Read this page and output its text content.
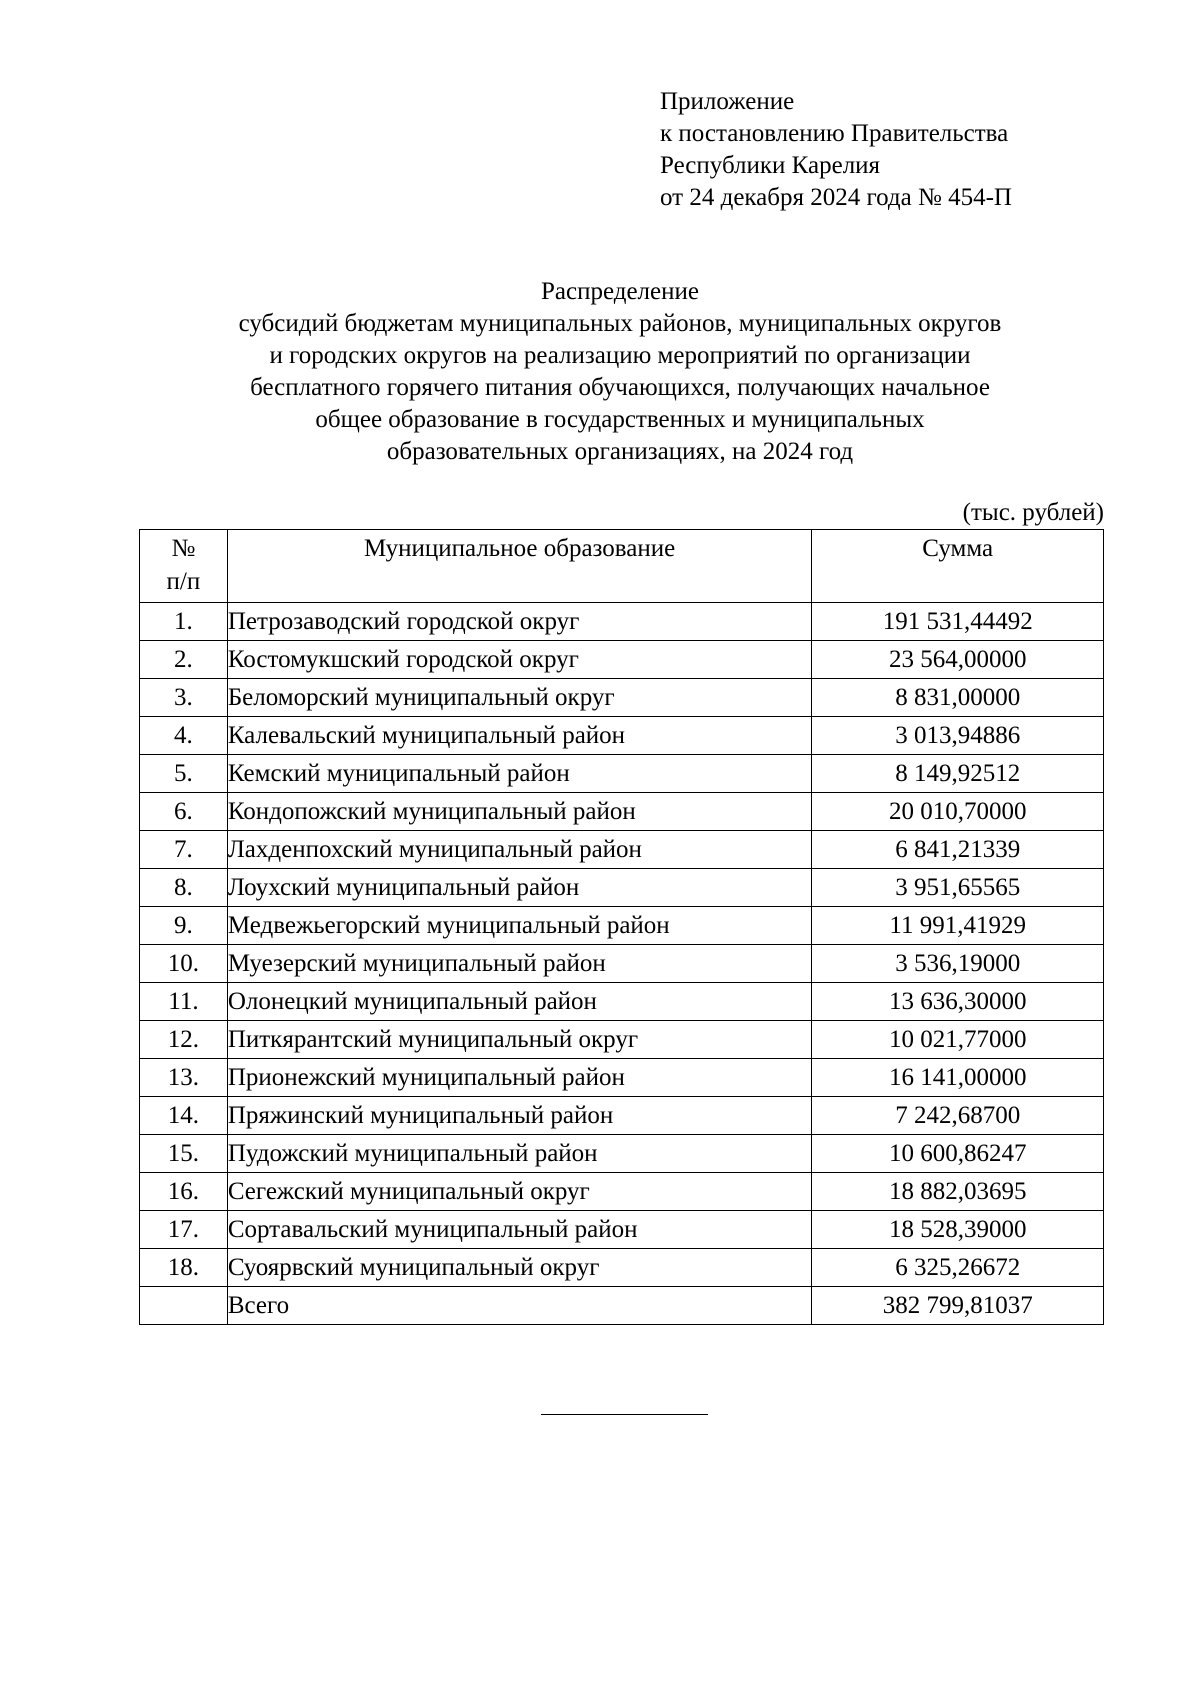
Приложение
к постановлению Правительства
Республики Карелия
от 24 декабря 2024 года № 454-П
Распределение
субсидий бюджетам муниципальных районов, муниципальных округов
и городских округов на реализацию мероприятий по организации
бесплатного горячего питания обучающихся, получающих начальное
общее образование в государственных и муниципальных
образовательных организациях, на 2024 год
(тыс. рублей)
№
п/п	Муниципальное образование	Сумма
1.	Петрозаводский городской округ	191 531,44492
2.	Костомукшский городской округ	23 564,00000
3.	Беломорский муниципальный округ	8 831,00000
4.	Калевальский муниципальный район	3 013,94886
5.	Кемский муниципальный район	8 149,92512
6.	Кондопожский муниципальный район	20 010,70000
7.	Лахденпохский муниципальный район	6 841,21339
8.	Лоухский муниципальный район	3 951,65565
9.	Медвежьегорский муниципальный район	11 991,41929
10.	Муезерский муниципальный район	3 536,19000
11.	Олонецкий муниципальный район	13 636,30000
12.	Питкярантский муниципальный округ	10 021,77000
13.	Прионежский муниципальный район	16 141,00000
14.	Пряжинский муниципальный район	7 242,68700
15.	Пудожский муниципальный район	10 600,86247
16.	Сегежский муниципальный округ	18 882,03695
17.	Сортавальский муниципальный район	18 528,39000
18.	Суоярвский муниципальный округ	6 325,26672
	Всего	382 799,81037
